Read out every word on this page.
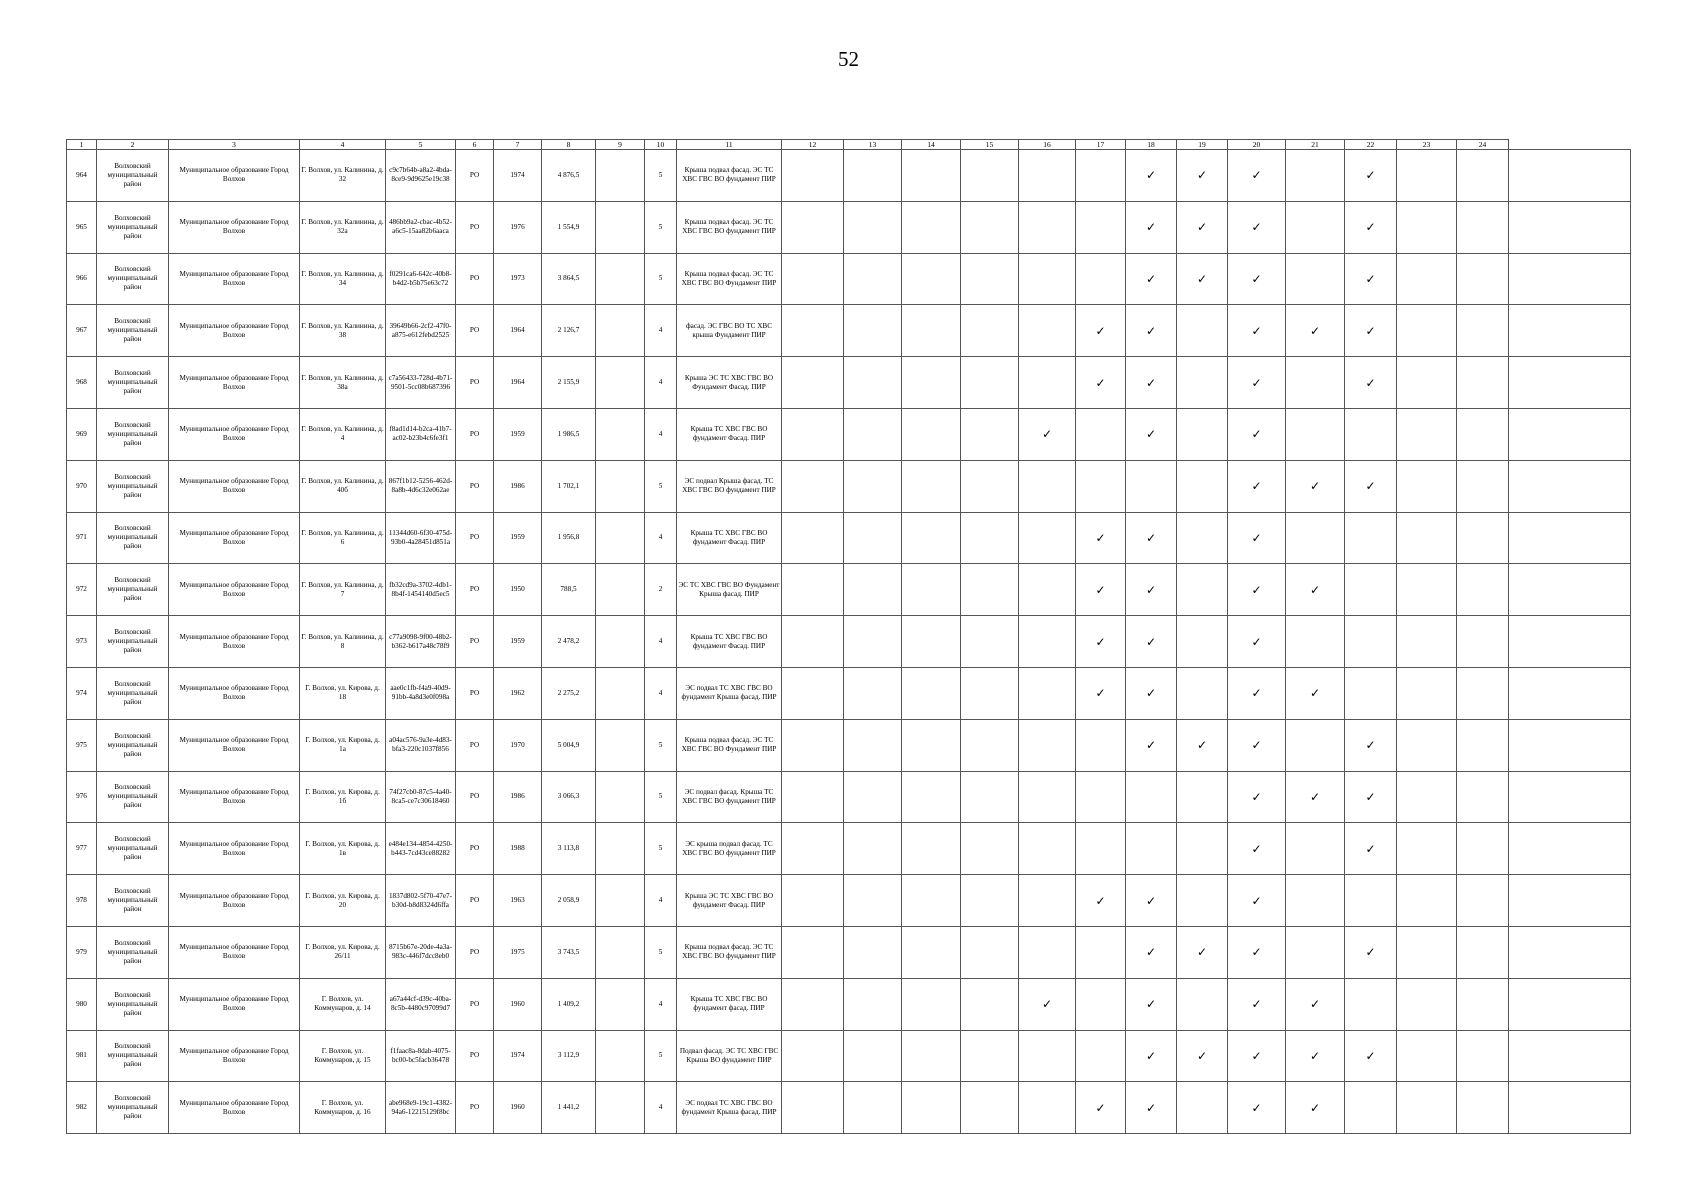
52
1	2	3	4	5	6	7	8	9	10	11	12	13	14	15	16	17	18	19	20	21	22	23	24	
964	Волховский муниципальный район	Муниципальное образование Город Волхов	Г. Волхов, ул. Калинина, д. 32	c9c7b64b-a8a2-4bda-8ce9-9d9625e19c38	РО	1974	4 876,5		5	Крыша подвал фасад. ЭС ТС ХВС ГВС ВО фундамент ПИР							✓	✓	✓		✓			
965	Волховский муниципальный район	Муниципальное образование Город Волхов	Г. Волхов, ул. Калинина, д. 32а	486bb9a2-cbac-4b52-a6c5-15aa82b6aaca	РО	1976	1 554,9		5	Крыша подвал фасад. ЭС ТС ХВС ГВС ВО фундамент ПИР							✓	✓	✓		✓			
966	Волховский муниципальный район	Муниципальное образование Город Волхов	Г. Волхов, ул. Калинина, д. 34	f0291ca6-642c-40b8-b4d2-b5b75e63c72	РО	1973	3 864,5		5	Крыша подвал фасад. ЭС ТС ХВС ГВС ВО Фундамент ПИР							✓	✓	✓		✓			
967	Волховский муниципальный район	Муниципальное образование Город Волхов	Г. Волхов, ул. Калинина, д. 38	39649b66-2cf2-47f0-a875-e612febd2525	РО	1964	2 126,7		4	фасад. ЭС ГВС ВО ТС ХВС крыша Фундамент ПИР						✓	✓		✓	✓	✓			
968	Волховский муниципальный район	Муниципальное образование Город Волхов	Г. Волхов, ул. Калинина, д. 38а	c7a56433-728d-4b71-9501-5cc08b687396	РО	1964	2 155,9		4	Крыша ЭС ТС ХВС ГВС ВО Фундамент Фасад. ПИР						✓	✓		✓		✓			
969	Волховский муниципальный район	Муниципальное образование Город Волхов	Г. Волхов, ул. Калинина, д. 4	f8ad1d14-b2ca-41b7-ac02-b23b4c6fe3f1	РО	1959	1 986,5		4	Крыша ТС ХВС ГВС ВО фундамент Фасад. ПИР					✓		✓		✓					
970	Волховский муниципальный район	Муниципальное образование Город Волхов	Г. Волхов, ул. Калинина, д. 40б	867f1b12-5256-462d-8a8b-4d6c32e062ae	РО	1986	1 702,1		5	ЭС подвал Крыша фасад. ТС ХВС ГВС ВО фундамент ПИР									✓	✓	✓			
971	Волховский муниципальный район	Муниципальное образование Город Волхов	Г. Волхов, ул. Калинина, д. 6	11344d60-6f30-475d-93b0-4a28451d851a	РО	1959	1 956,8		4	Крыша ТС ХВС ГВС ВО фундамент Фасад. ПИР						✓	✓		✓					
972	Волховский муниципальный район	Муниципальное образование Город Волхов	Г. Волхов, ул. Калинина, д. 7	fb32cd9a-3702-4db1-8b4f-1454140d5ec5	РО	1950	788,5		2	ЭС ТС ХВС ГВС ВО Фундамент Крыша фасад. ПИР						✓	✓		✓	✓				
973	Волховский муниципальный район	Муниципальное образование Город Волхов	Г. Волхов, ул. Калинина, д. 8	c77a9098-9f00-48b2-b362-b617a48c78f9	РО	1959	2 478,2		4	Крыша ТС ХВС ГВС ВО фундамент Фасад. ПИР						✓	✓		✓					
974	Волховский муниципальный район	Муниципальное образование Город Волхов	Г. Волхов, ул. Кирова, д. 18	aae0c1fb-f4a9-40d9-91bb-4a8d3e0f098a	РО	1962	2 275,2		4	ЭС подвал ТС ХВС ГВС ВО фундамент Крыша фасад. ПИР						✓	✓		✓	✓				
975	Волховский муниципальный район	Муниципальное образование Город Волхов	Г. Волхов, ул. Кирова, д. 1а	a04ac576-9a3e-4d83-bfa3-220c1037f856	РО	1970	5 004,9		5	Крыша подвал фасад. ЭС ТС ХВС ГВС ВО Фундамент ПИР							✓	✓	✓		✓			
976	Волховский муниципальный район	Муниципальное образование Город Волхов	Г. Волхов, ул. Кирова, д. 1б	74f27cb0-87c5-4a40-8ca5-ce7c30618460	РО	1986	3 066,3		5	ЭС подвал фасад. Крыша ТС ХВС ГВС ВО фундамент ПИР									✓	✓	✓			
977	Волховский муниципальный район	Муниципальное образование Город Волхов	Г. Волхов, ул. Кирова, д. 1в	e484e134-4854-4250-b443-7cd43ce88282	РО	1988	3 113,8		5	ЭС крыша подвал фасад. ТС ХВС ГВС ВО фундамент ПИР									✓		✓			
978	Волховский муниципальный район	Муниципальное образование Город Волхов	Г. Волхов, ул. Кирова, д. 20	1837d802-5f70-47e7-b30d-b8d8324d6ffa	РО	1963	2 058,9		4	Крыша ЭС ТС ХВС ГВС ВО фундамент Фасад. ПИР						✓	✓		✓					
979	Волховский муниципальный район	Муниципальное образование Город Волхов	Г. Волхов, ул. Кирова, д. 26/11	8715b67e-20de-4a3a-983c-446f7dcc8eb0	РО	1975	3 743,5		5	Крыша подвал фасад. ЭС ТС ХВС ГВС ВО фундамент ПИР							✓	✓	✓		✓			
980	Волховский муниципальный район	Муниципальное образование Город Волхов	Г. Волхов, ул. Коммунаров, д. 14	a67a44cf-d39c-40ba-8c5b-4480c97099d7	РО	1960	1 409,2		4	Крыша ТС ХВС ГВС ВО фундамент фасад. ПИР					✓		✓		✓	✓				
981	Волховский муниципальный район	Муниципальное образование Город Волхов	Г. Волхов, ул. Коммунаров, д. 15	f1faac8a-8dab-4075-bc00-bc5facb36478	РО	1974	3 112,9		5	Подвал фасад. ЭС ТС ХВС ГВС Крыша ВО фундамент ПИР							✓	✓	✓	✓	✓			
982	Волховский муниципальный район	Муниципальное образование Город Волхов	Г. Волхов, ул. Коммунаров, д. 16	abe968e9-19c1-4382-94a6-12215129f8bc	РО	1960	1 441,2		4	ЭС подвал ТС ХВС ГВС ВО фундамент Крыша фасад. ПИР						✓	✓		✓	✓				
